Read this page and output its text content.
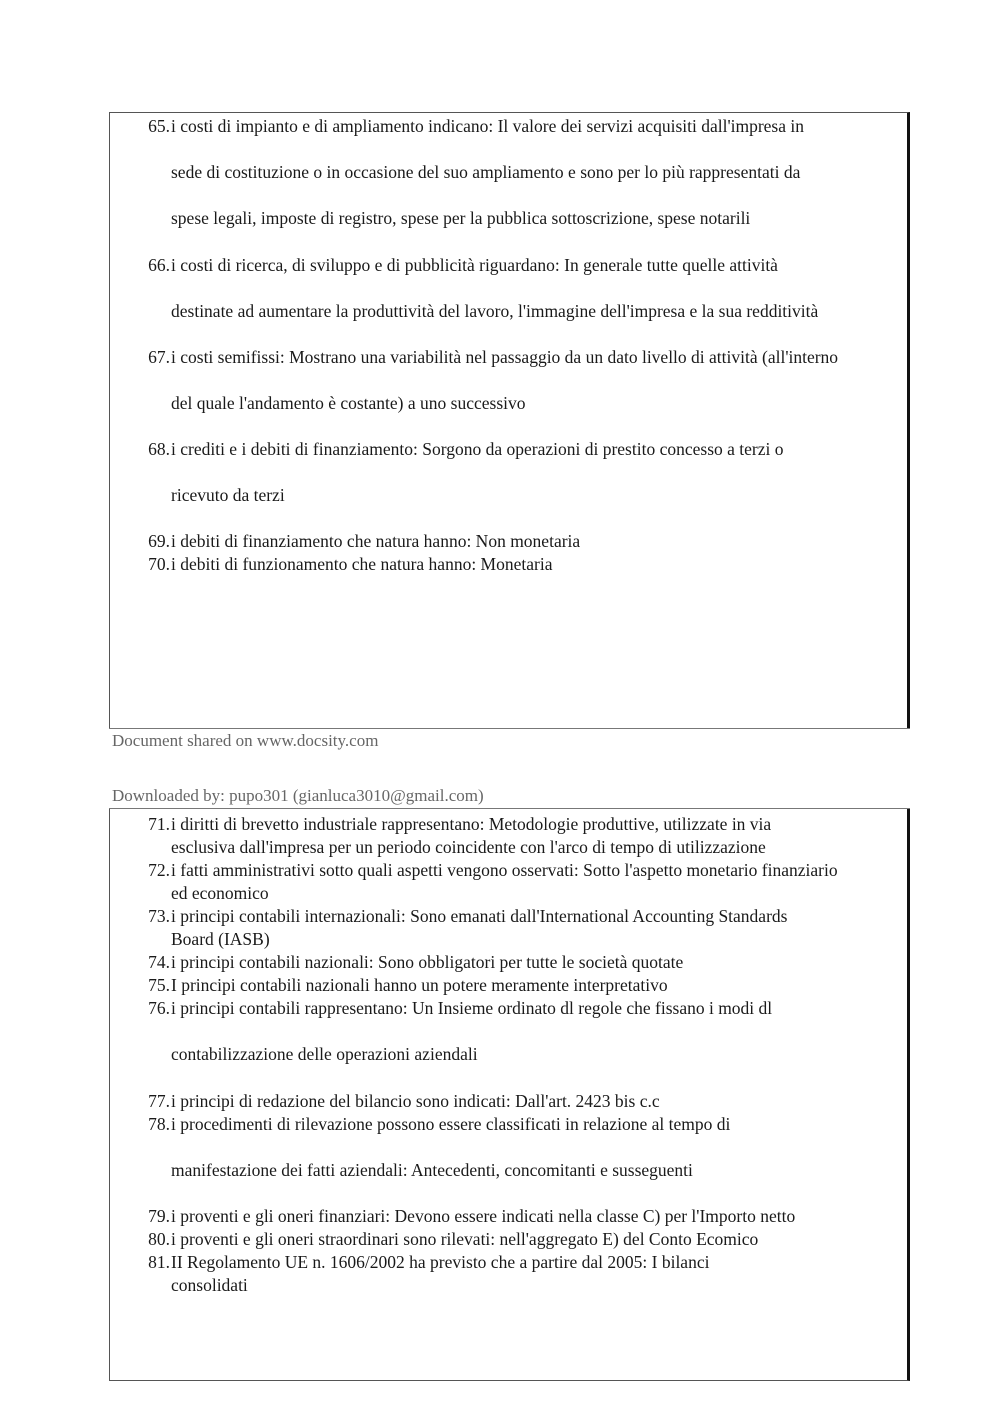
Document shared on www.docsity.com
Downloaded by: pupo301 (gianluca3010@gmail.com)
65. i costi di impianto e di ampliamento indicano: Il valore dei servizi acquisiti dall'impresa in
sede di costituzione o in occasione del suo ampliamento e sono per lo più rappresentati da
spese legali, imposte di registro, spese per la pubblica sottoscrizione, spese notarili
66. i costi di ricerca, di sviluppo e di pubblicità riguardano: In generale tutte quelle attività
destinate ad aumentare la produttività del lavoro, l'immagine dell'impresa e la sua redditività
67. i costi semifissi: Mostrano una variabilità nel passaggio da un dato livello di attività (all'interno
del quale l'andamento è costante) a uno successivo
68. i crediti e i debiti di finanziamento: Sorgono da operazioni di prestito concesso a terzi o
ricevuto da terzi
69. i debiti di finanziamento che natura hanno: Non monetaria
70. i debiti di funzionamento che natura hanno: Monetaria
71. i diritti di brevetto industriale rappresentano: Metodologie produttive, utilizzate in via
esclusiva dall'impresa per un periodo coincidente con l'arco di tempo di utilizzazione
72. i fatti amministrativi sotto quali aspetti vengono osservati: Sotto l'aspetto monetario finanziario
ed economico
73. i principi contabili internazionali: Sono emanati dall'International Accounting Standards
Board (IASB)
74. i principi contabili nazionali: Sono obbligatori per tutte le società quotate
75. I principi contabili nazionali hanno un potere meramente interpretativo
76. i principi contabili rappresentano: Un Insieme ordinato dl regole che fissano i modi dl
contabilizzazione delle operazioni aziendali
77. i principi di redazione del bilancio sono indicati: Dall'art. 2423 bis c.c
78. i procedimenti di rilevazione possono essere classificati in relazione al tempo di
manifestazione dei fatti aziendali: Antecedenti, concomitanti e susseguenti
79. i proventi e gli oneri finanziari: Devono essere indicati nella classe C) per l'Importo netto
80. i proventi e gli oneri straordinari sono rilevati: nell'aggregato E) del Conto Ecomico
81. II Regolamento UE n. 1606/2002 ha previsto che a partire dal 2005: I bilanci
consolidati
